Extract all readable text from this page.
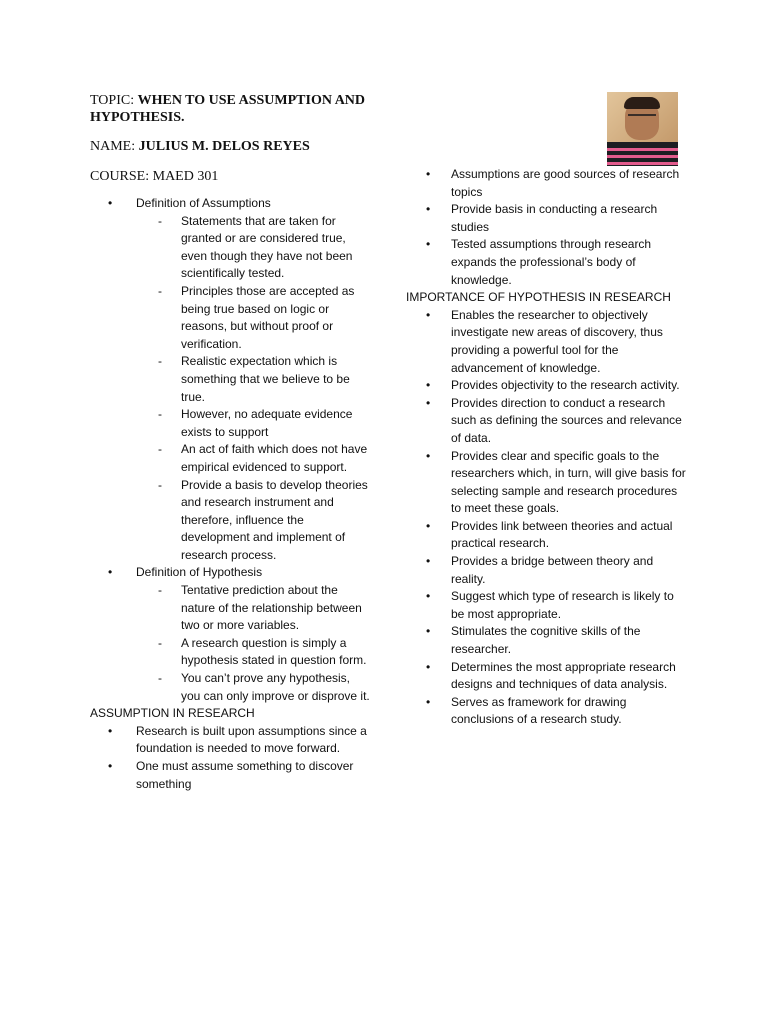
TOPIC: WHEN TO USE ASSUMPTION AND HYPOTHESIS.
NAME: JULIUS M. DELOS REYES
COURSE: MAED 301
• Definition of Assumptions
- Statements that are taken for granted or are considered true, even though they have not been scientifically tested.
- Principles those are accepted as being true based on logic or reasons, but without proof or verification.
- Realistic expectation which is something that we believe to be true.
- However, no adequate evidence exists to support
- An act of faith which does not have empirical evidenced to support.
- Provide a basis to develop theories and research instrument and therefore, influence the development and implement of research process.
• Definition of Hypothesis
- Tentative prediction about the nature of the relationship between two or more variables.
- A research question is simply a hypothesis stated in question form.
- You can’t prove any hypothesis, you can only improve or disprove it.
ASSUMPTION IN RESEARCH
• Research is built upon assumptions since a foundation is needed to move forward.
• One must assume something to discover something
• Assumptions are good sources of research topics
• Provide basis in conducting a research studies
• Tested assumptions through research expands the professional’s body of knowledge.
IMPORTANCE OF HYPOTHESIS IN RESEARCH
• Enables the researcher to objectively investigate new areas of discovery, thus providing a powerful tool for the advancement of knowledge.
• Provides objectivity to the research activity.
• Provides direction to conduct a research such as defining the sources and relevance of data.
• Provides clear and specific goals to the researchers which, in turn, will give basis for selecting sample and research procedures to meet these goals.
• Provides link between theories and actual practical research.
• Provides a bridge between theory and reality.
• Suggest which type of research is likely to be most appropriate.
• Stimulates the cognitive skills of the researcher.
• Determines the most appropriate research designs and techniques of data analysis.
• Serves as framework for drawing conclusions of a research study.
